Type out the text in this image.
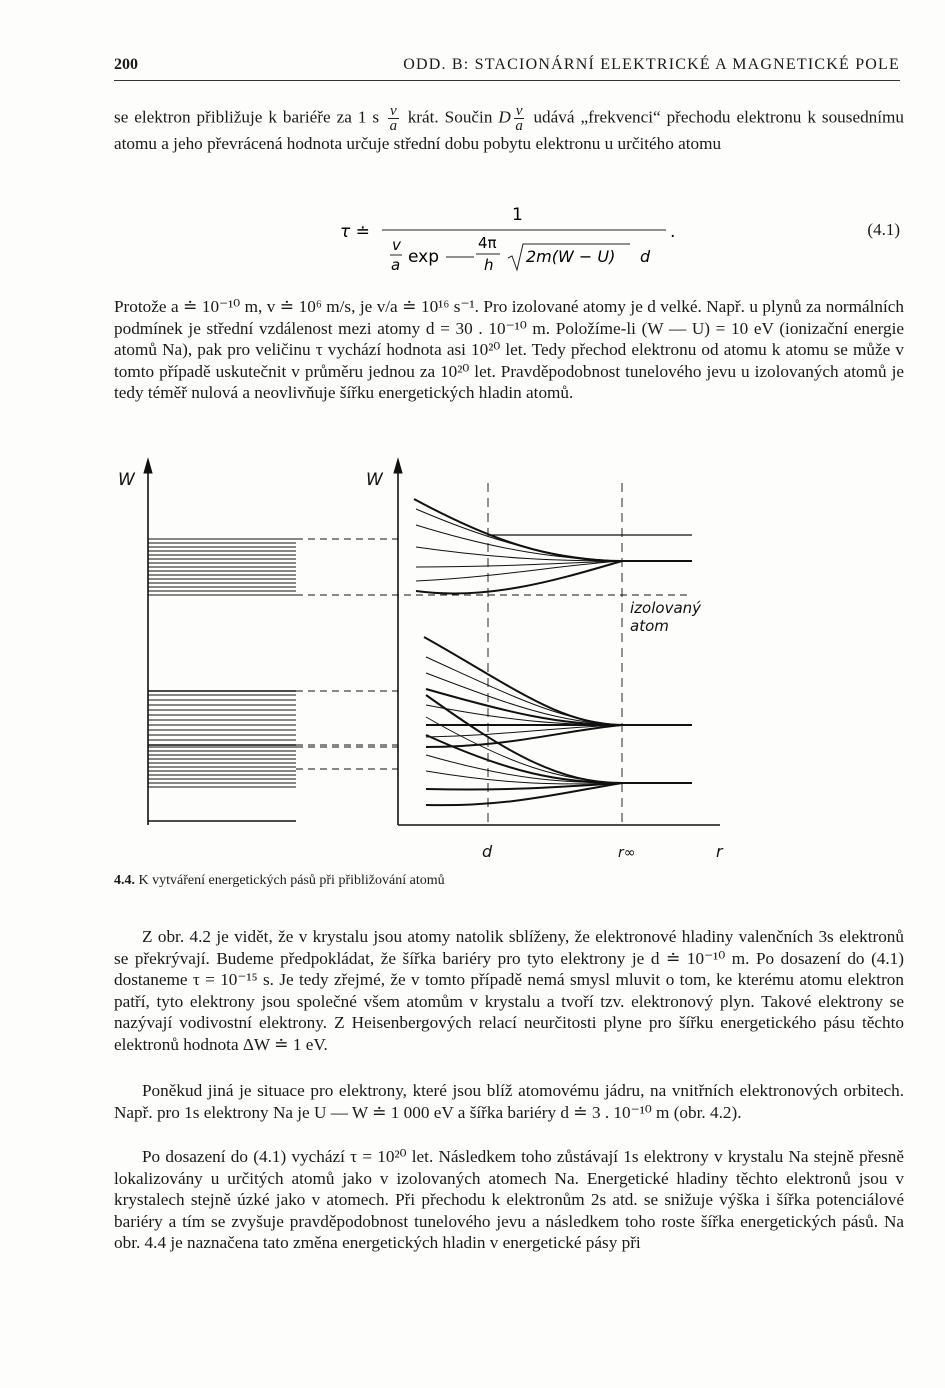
200	ODD. B: STACIONÁRNÍ ELEKTRICKÉ A MAGNETICKÉ POLE
se elektron přibližuje k bariéře za 1 s $\frac{v}{a}$ krát. Součin D $\frac{v}{a}$ udává „frekvenci“ přechodu elektronu k sousednímu atomu a jeho převrácená hodnota určuje střední dobu pobytu elektronu u určitého atomu
τ ≐
1
v
a exp
4π
h 2m(W − U) d
.	(4.1)
Protože a ≐ 10⁻¹⁰ m, v ≐ 10⁶ m/s, je v/a ≐ 10¹⁶ s⁻¹. Pro izolované atomy je d velké. Např. u plynů za normálních podmínek je střední vzdálenost mezi atomy d = 30 . 10⁻¹⁰ m. Položíme-li (W — U) = 10 eV (ionizační energie atomů Na), pak pro veličinu τ vychází hodnota asi 10²⁰ let. Tedy přechod elektronu od atomu k atomu se může v tomto případě uskutečnit v průměru jednou za 10²⁰ let. Pravděpodobnost tunelového jevu u izolovaných atomů je tedy téměř nulová a neovlivňuje šířku energetických hladin atomů.
W	W
d	r∞	r
izolovaný
atom
4.4. K vytváření energetických pásů při přibližování atomů
Z obr. 4.2 je vidět, že v krystalu jsou atomy natolik sblíženy, že elektronové hladiny valenčních 3s elektronů se překrývají. Budeme předpokládat, že šířka bariéry pro tyto elektrony je d ≐ 10⁻¹⁰ m. Po dosazení do (4.1) dostaneme τ = 10⁻¹⁵ s. Je tedy zřejmé, že v tomto případě nemá smysl mluvit o tom, ke kterému atomu elektron patří, tyto elektrony jsou společné všem atomům v krystalu a tvoří tzv. elektronový plyn. Takové elektrony se nazývají vodivostní elektrony. Z Heisenbergových relací neurčitosti plyne pro šířku energetického pásu těchto elektronů hodnota ΔW ≐ 1 eV.
Poněkud jiná je situace pro elektrony, které jsou blíž atomovému jádru, na vnitřních elektronových orbitech. Např. pro 1s elektrony Na je U — W ≐ 1 000 eV a šířka bariéry d ≐ 3 . 10⁻¹⁰ m (obr. 4.2).
Po dosazení do (4.1) vychází τ = 10²⁰ let. Následkem toho zůstávají 1s elektrony v krystalu Na stejně přesně lokalizovány u určitých atomů jako v izolovaných atomech Na. Energetické hladiny těchto elektronů jsou v krystalech stejně úzké jako v atomech. Při přechodu k elektronům 2s atd. se snižuje výška i šířka potenciálové bariéry a tím se zvyšuje pravděpodobnost tunelového jevu a následkem toho roste šířka energetických pásů. Na obr. 4.4 je naznačena tato změna energetických hladin v energetické pásy při
